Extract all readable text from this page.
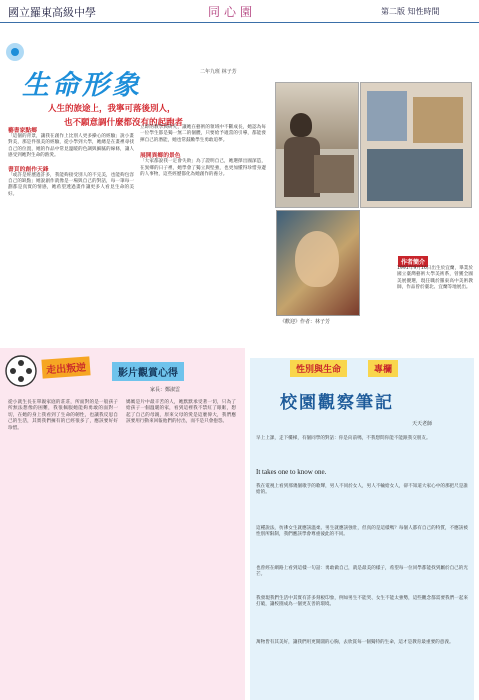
國立羅東高級中學	同心園	第二版 知性時間
生命形象	二年九班 林子芳
人生的旅途上，我寧可落後別人，
也不願意調什麼都沒有的起跑者
藝書家點鄉
「這個的背景，讓我在創作上比別人更多操心的經驗」說小畫對美，那是件很美的經驗，從小學到大學，她總是在畫裡尋找自己的位置，她的作品中常見溫暖的色調與細膩的線條，讓人感受到她對生命的熱愛。
書頁的創作天鋒
「或許是經歷過許多，我能夠接受別人的不完美，也能夠包容自己的缺點」她說創作就像是一場與自己的對話，每一筆每一劃都是真實的情感，她希望透過畫作讓更多人看見生命的美好。
立即的教學與研究，讓她在藝術的領域中不斷成長，她認為每一位學生都是獨一無二的個體，只要給予適當的引導，都能發揮自己的潛能，她也常鼓勵學生勇敢追夢。
展開異鄉的景色
「大家都說我一定會失敗」為了證明自己，她選擇出國深造，在異鄉的日子裡，她學會了獨立與堅強，也更加懂得珍惜身邊的人事物，這些經歷都化為她創作的養分。
《歡迎》作者：林子芳
作者簡介
1991年9月16日出生於宜蘭，畢業於國立臺灣藝術大學美術系，曾獲全國美展優選，現任職於羅東高中美術教師，作品曾於臺北、宜蘭等地展出。
走出叛逆	影片觀賞心得
家長：鄭淑雲
從小就生長在單親家庭的莊莊，所面對的是一般孩子所無法想像的困難，我很佩服她能夠勇敢的面對一切，在她的身上我看到了生命的韌性，也讓我反思自己的生活，其實我們擁有的已經很多了，應該要好好珍惜。
媽媽是片中最辛苦的人，她默默承受著一切，只為了給孩子一個溫暖的家，看到這裡我不禁紅了眼眶，想起了自己的母親，原來父母的愛是這麼偉大，我們應該要用行動來回報他們的付出，而不是只會抱怨。
性別與生命	專欄
校園觀察筆記
天天老師
早上上課，走下樓梯，有個同學的對話：你是向前嗎，不我想問你能不能跟我交朋友。
It takes one to know one.
我在電視上看到那幾個歌手的歌聲，男人不同於女人，男人不輸給女人，卻不知道大家心中的那把尺是誰給的。
這種說法，彷彿女生就應該溫柔、男生就應該強壯，但真的是這樣嗎？每個人都有自己的特質，不應該被性別所限制，我們應該學會尊重彼此的不同。
也曾經在網路上看到這樣一句話：勇敢做自己，就是最美的樣子，希望每一位同學都能找到屬於自己的光芒。
我發現我們生活中其實有許多刻板印象，例如男生不能哭、女生不能太強勢，這些觀念都需要我們一起來打破，讓校園成為一個更友善的環境。
萬物皆有其美好，讓我們用更開闊的心胸，去欣賞每一個獨特的生命，這才是教育最重要的意義。
